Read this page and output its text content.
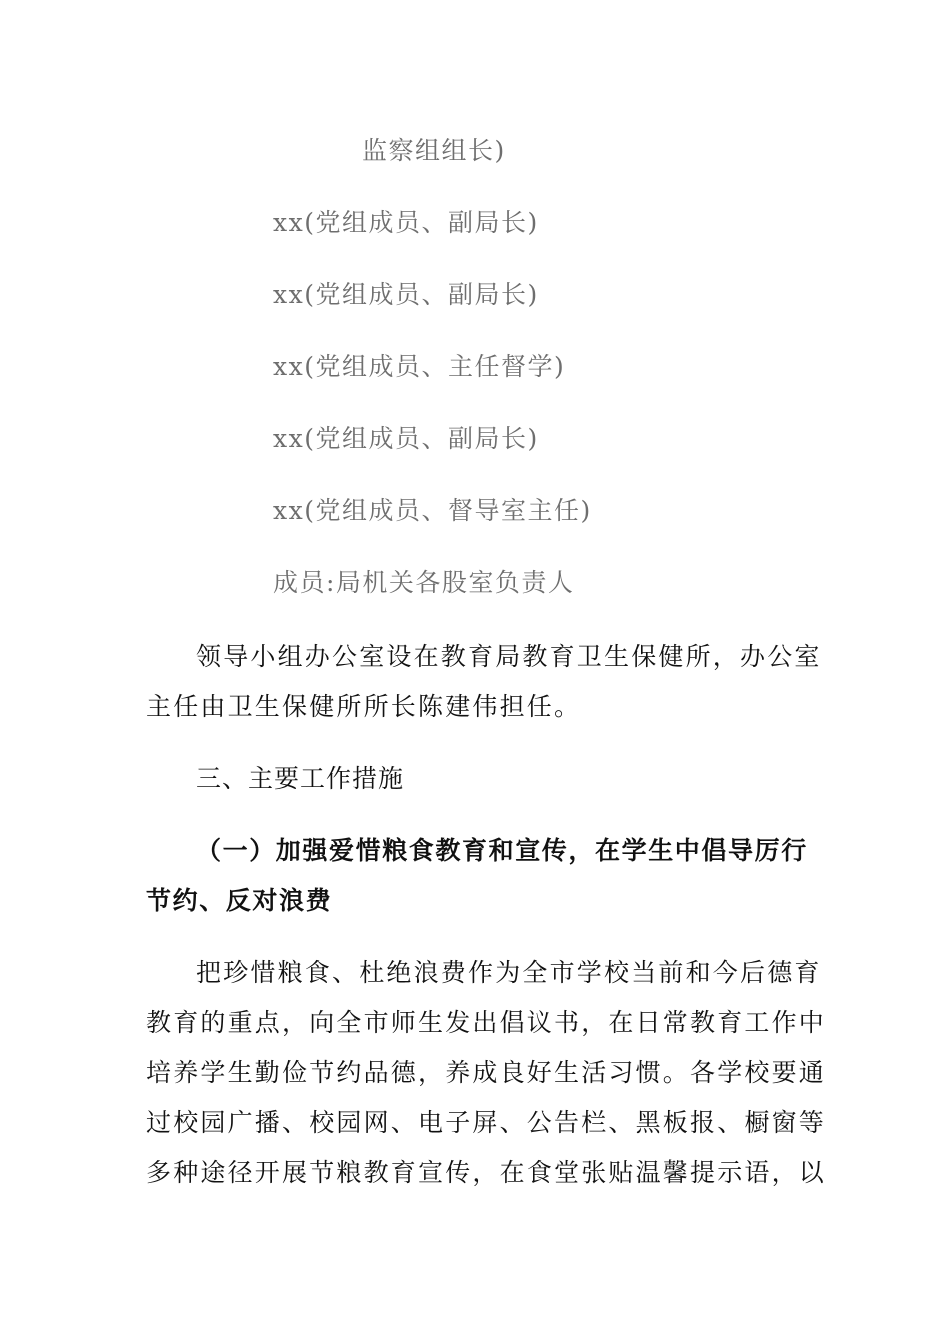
监察组组长)
xx(党组成员、副局长)
xx(党组成员、副局长)
xx(党组成员、主任督学)
xx(党组成员、副局长)
xx(党组成员、督导室主任)
成员:局机关各股室负责人
领导小组办公室设在教育局教育卫生保健所，办公室
主任由卫生保健所所长陈建伟担任。
三、主要工作措施
（一）加强爱惜粮食教育和宣传，在学生中倡导厉行
节约、反对浪费
把珍惜粮食、杜绝浪费作为全市学校当前和今后德育
教育的重点，向全市师生发出倡议书，在日常教育工作中
培养学生勤俭节约品德，养成良好生活习惯。各学校要通
过校园广播、校园网、电子屏、公告栏、黑板报、橱窗等
多种途径开展节粮教育宣传，在食堂张贴温馨提示语，以
